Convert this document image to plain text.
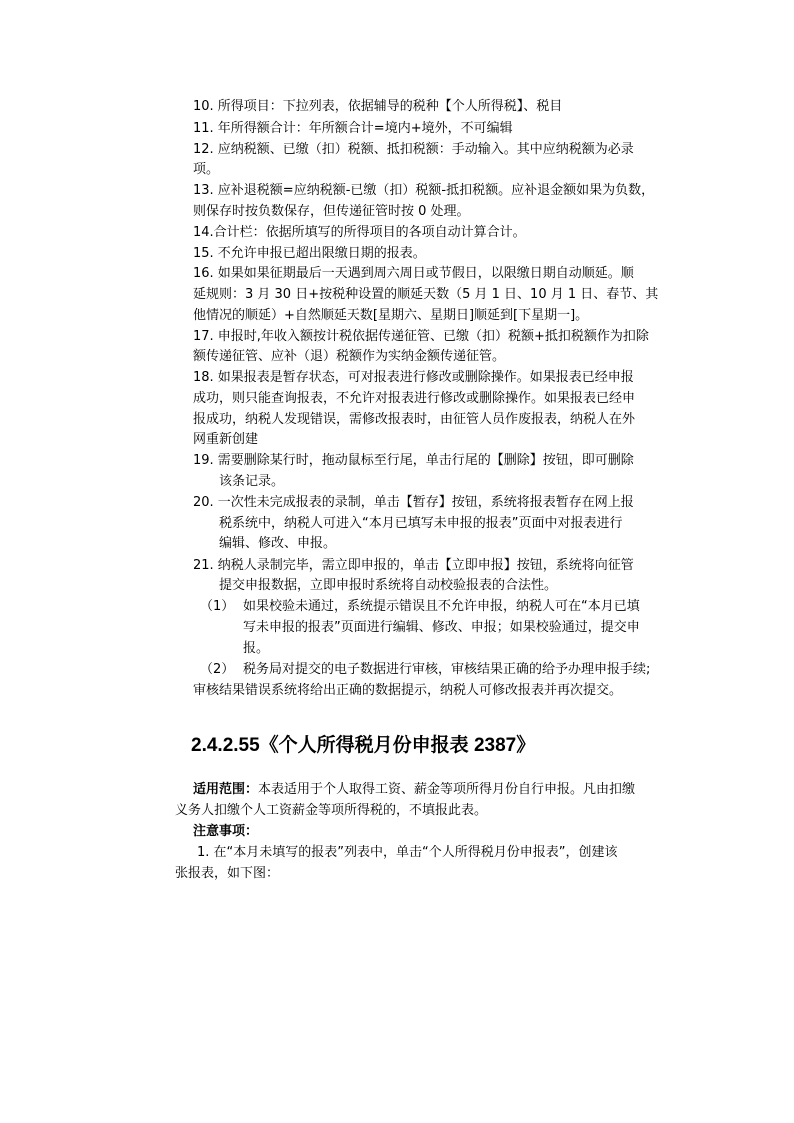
10. 所得项目：下拉列表，依据辅导的税种【个人所得税】、税目
11. 年所得额合计：年所额合计=境内+境外，不可编辑
12. 应纳税额、已缴（扣）税额、抵扣税额：手动输入。其中应纳税额为必录
项。
13. 应补退税额=应纳税额-已缴（扣）税额-抵扣税额。应补退金额如果为负数，
则保存时按负数保存，但传递征管时按 0 处理。
14.合计栏：依据所填写的所得项目的各项自动计算合计。
15. 不允许申报已超出限缴日期的报表。
16. 如果如果征期最后一天遇到周六周日或节假日，以限缴日期自动顺延。顺
延规则：3 月 30 日+按税种设置的顺延天数（5 月 1 日、10 月 1 日、春节、其
他情况的顺延）+自然顺延天数[星期六、星期日]顺延到[下星期一]。
17. 申报时,年收入额按计税依据传递征管、已缴（扣）税额+抵扣税额作为扣除
额传递征管、应补（退）税额作为实纳金额传递征管。
18. 如果报表是暂存状态，可对报表进行修改或删除操作。如果报表已经申报
成功，则只能查询报表，不允许对报表进行修改或删除操作。如果报表已经申
报成功，纳税人发现错误，需修改报表时，由征管人员作废报表，纳税人在外
网重新创建
19. 需要删除某行时，拖动鼠标至行尾，单击行尾的【删除】按钮，即可删除
该条记录。
20. 一次性未完成报表的录制，单击【暂存】按钮，系统将报表暂存在网上报
税系统中，纳税人可进入“本月已填写未申报的报表”页面中对报表进行
编辑、修改、申报。
21. 纳税人录制完毕，需立即申报的，单击【立即申报】按钮，系统将向征管
提交申报数据，立即申报时系统将自动校验报表的合法性。
（1） 如果校验未通过，系统提示错误且不允许申报，纳税人可在“本月已填
写未申报的报表”页面进行编辑、修改、申报；如果校验通过，提交申
报。
（2） 税务局对提交的电子数据进行审核，审核结果正确的给予办理申报手续;
审核结果错误系统将给出正确的数据提示，纳税人可修改报表并再次提交。
2.4.2.55《个人所得税月份申报表 2387》
适用范围：本表适用于个人取得工资、薪金等项所得月份自行申报。凡由扣缴
义务人扣缴个人工资薪金等项所得税的，不填报此表。
注意事项：
1. 在“本月未填写的报表”列表中，单击“个人所得税月份申报表”，创建该
张报表，如下图：
